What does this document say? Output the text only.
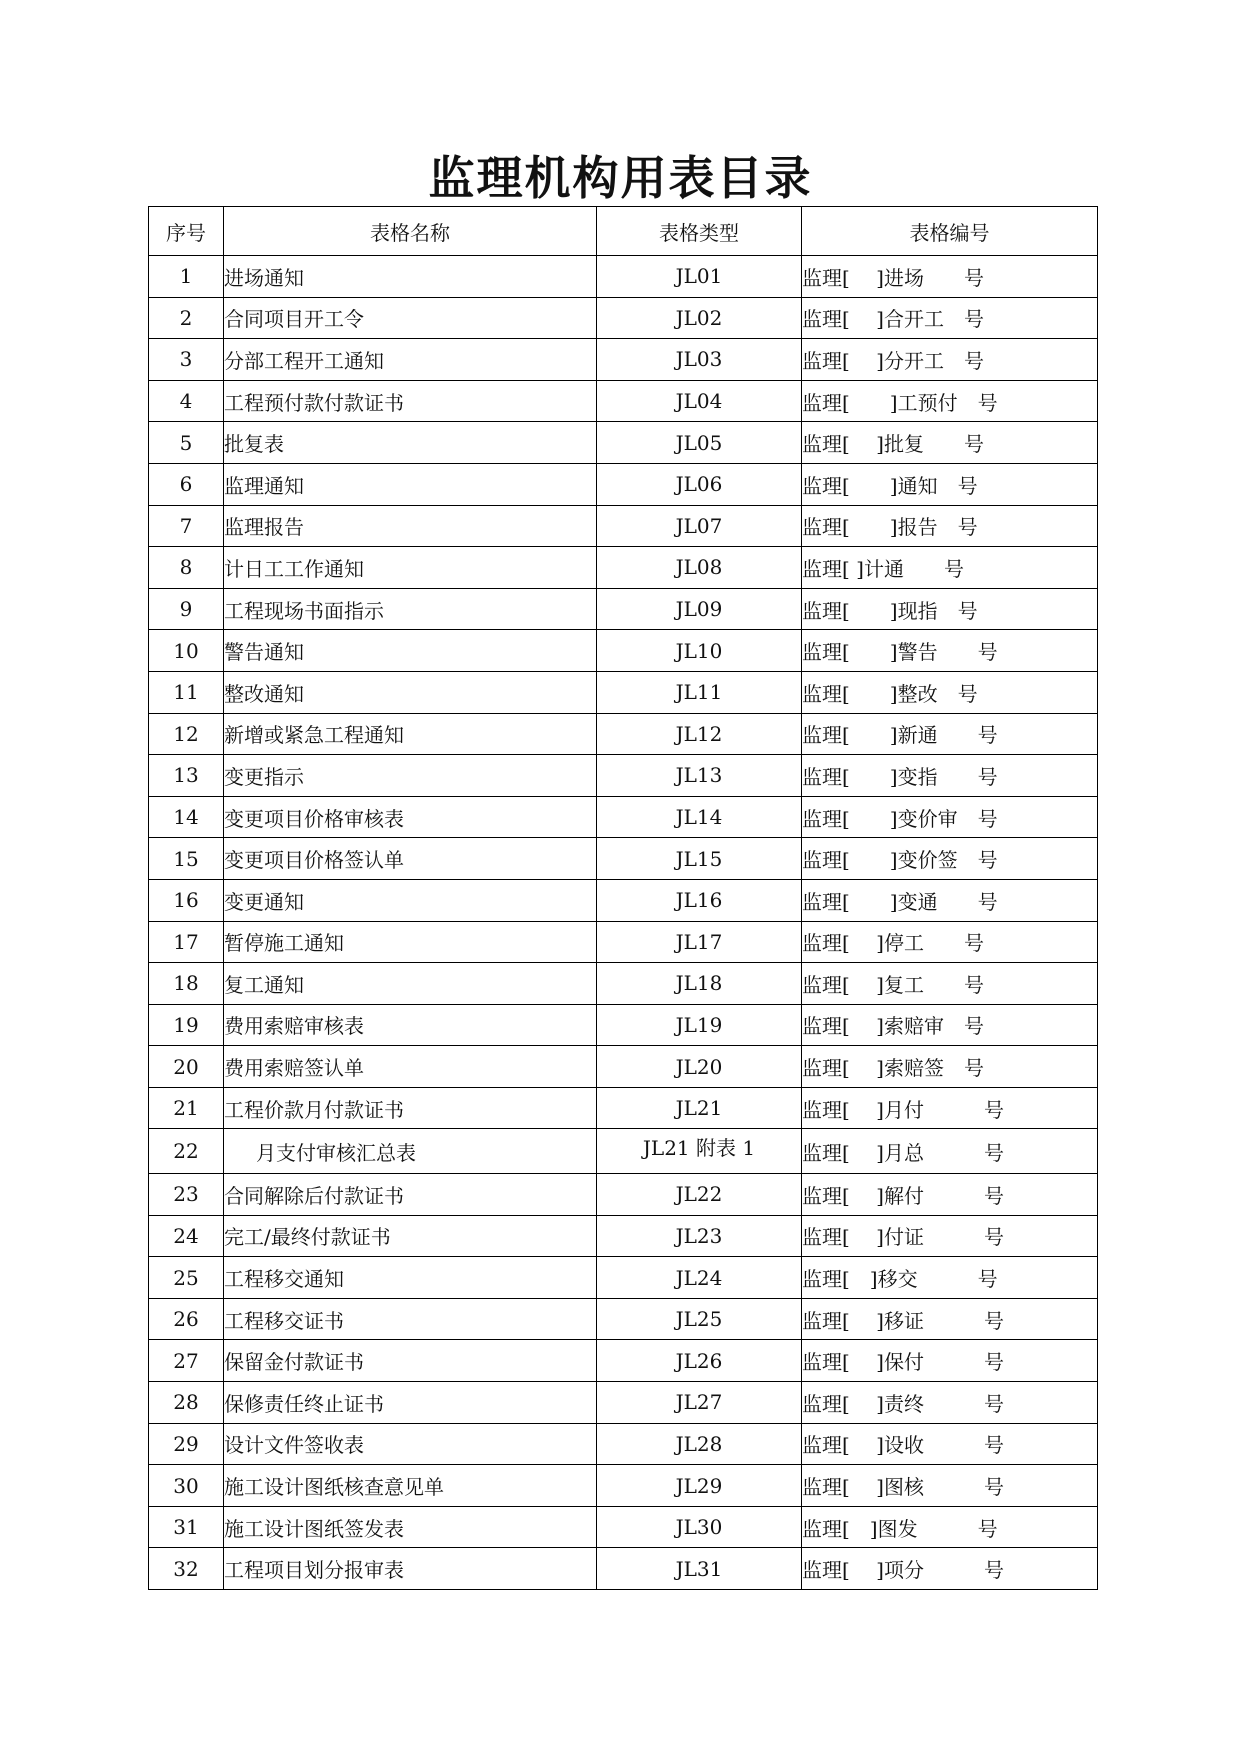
监理机构用表目录
序号	表格名称	表格类型	表格编号
1	进场通知	JL01	监理[　 ]进场　　号
2	合同项目开工令	JL02	监理[　 ]合开工　号
3	分部工程开工通知	JL03	监理[　 ]分开工　号
4	工程预付款付款证书	JL04	监理[　　]工预付　号
5	批复表	JL05	监理[　 ]批复　　号
6	监理通知	JL06	监理[　　]通知　号
7	监理报告	JL07	监理[　　]报告　号
8	计日工工作通知	JL08	监理[ ]计通　　号
9	工程现场书面指示	JL09	监理[　　]现指　号
10	警告通知	JL10	监理[　　]警告　　号
11	整改通知	JL11	监理[　　]整改　号
12	新增或紧急工程通知	JL12	监理[　　]新通　　号
13	变更指示	JL13	监理[　　]变指　　号
14	变更项目价格审核表	JL14	监理[　　]变价审　号
15	变更项目价格签认单	JL15	监理[　　]变价签　号
16	变更通知	JL16	监理[　　]变通　　号
17	暂停施工通知	JL17	监理[　 ]停工　　号
18	复工通知	JL18	监理[　 ]复工　　号
19	费用索赔审核表	JL19	监理[　 ]索赔审　号
20	费用索赔签认单	JL20	监理[　 ]索赔签　号
21	工程价款月付款证书	JL21	监理[　 ]月付　　　号
22	月支付审核汇总表	JL21 附表 1	监理[　 ]月总　　　号
23	合同解除后付款证书	JL22	监理[　 ]解付　　　号
24	完工/最终付款证书	JL23	监理[　 ]付证　　　号
25	工程移交通知	JL24	监理[　]移交　　　号
26	工程移交证书	JL25	监理[　 ]移证　　　号
27	保留金付款证书	JL26	监理[　 ]保付　　　号
28	保修责任终止证书	JL27	监理[　 ]责终　　　号
29	设计文件签收表	JL28	监理[　 ]设收　　　号
30	施工设计图纸核查意见单	JL29	监理[　 ]图核　　　号
31	施工设计图纸签发表	JL30	监理[　]图发　　　号
32	工程项目划分报审表	JL31	监理[　 ]项分　　　号
